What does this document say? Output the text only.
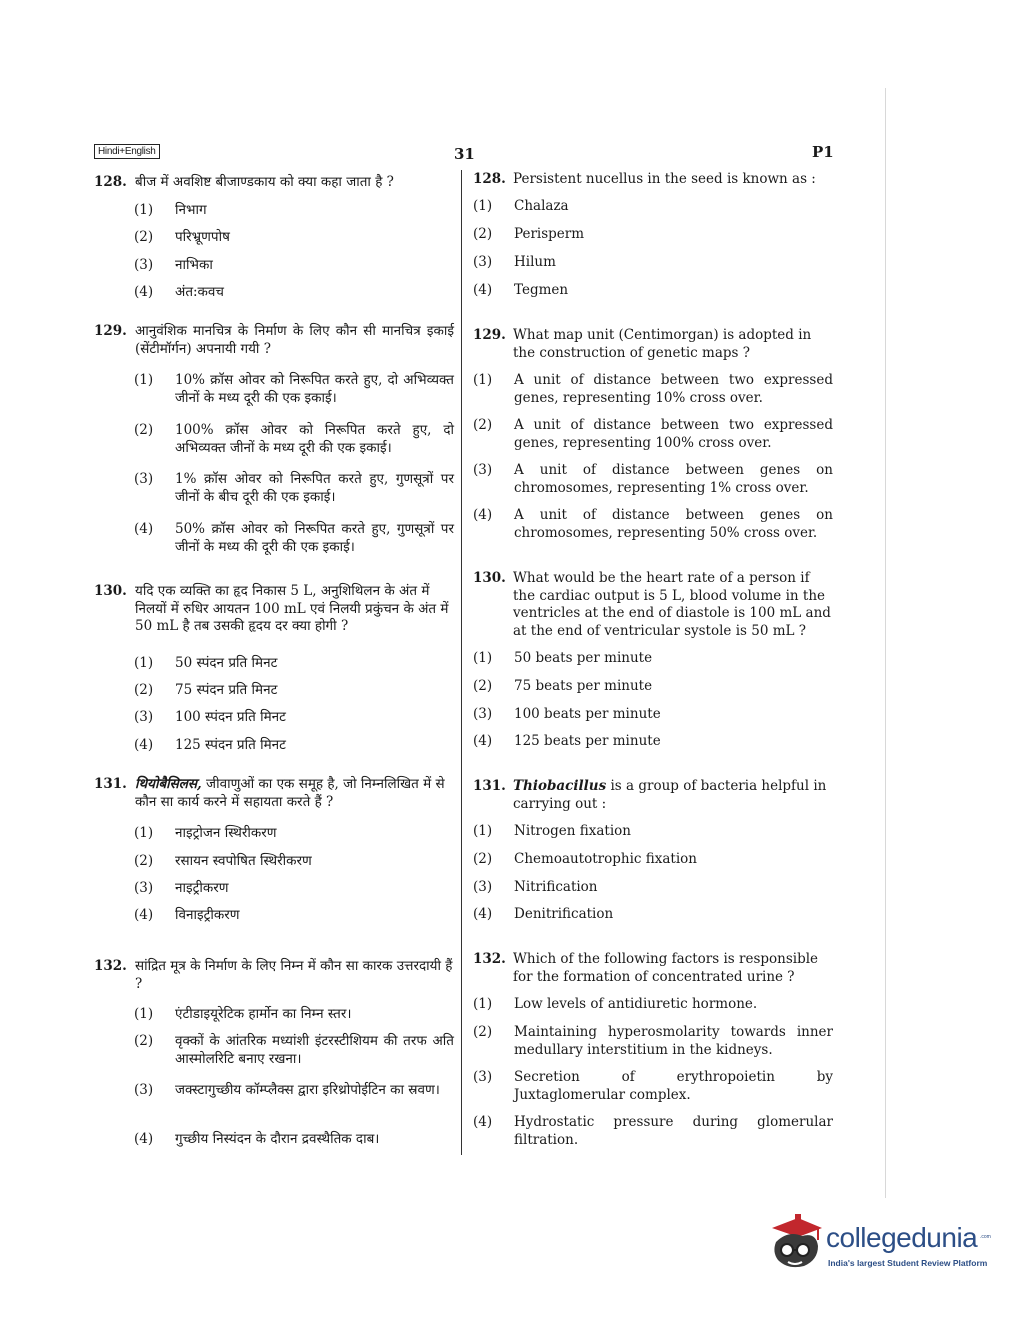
Hindi+English	31	P1
128. बीज में अवशिष्ट बीजाण्डकाय को क्या कहा जाता है ?
(1) निभाग
(2) परिभ्रूणपोष
(3) नाभिका
(4) अंत:कवच
128. Persistent nucellus in the seed is known as :
(1) Chalaza
(2) Perisperm
(3) Hilum
(4) Tegmen
129. आनुवंशिक मानचित्र के निर्माण के लिए कौन सी मानचित्र इकाई (सेंटीमॉर्गन) अपनायी गयी ?
(1) 10% क्रॉस ओवर को निरूपित करते हुए, दो अभिव्यक्त जीनों के मध्य दूरी की एक इकाई।
(2) 100% क्रॉस ओवर को निरूपित करते हुए, दो अभिव्यक्त जीनों के मध्य दूरी की एक इकाई।
(3) 1% क्रॉस ओवर को निरूपित करते हुए, गुणसूत्रों पर जीनों के बीच दूरी की एक इकाई।
(4) 50% क्रॉस ओवर को निरूपित करते हुए, गुणसूत्रों पर जीनों के मध्य की दूरी की एक इकाई।
129. What map unit (Centimorgan) is adopted in the construction of genetic maps ?
(1) A unit of distance between two expressed genes, representing 10% cross over.
(2) A unit of distance between two expressed genes, representing 100% cross over.
(3) A unit of distance between genes on chromosomes, representing 1% cross over.
(4) A unit of distance between genes on chromosomes, representing 50% cross over.
130. यदि एक व्यक्ति का हृद निकास 5 L, अनुशिथिलन के अंत में निलयों में रुधिर आयतन 100 mL एवं निलयी प्रकुंचन के अंत में 50 mL है तब उसकी हृदय दर क्या होगी ?
(1) 50 स्पंदन प्रति मिनट
(2) 75 स्पंदन प्रति मिनट
(3) 100 स्पंदन प्रति मिनट
(4) 125 स्पंदन प्रति मिनट
130. What would be the heart rate of a person if the cardiac output is 5 L, blood volume in the ventricles at the end of diastole is 100 mL and at the end of ventricular systole is 50 mL ?
(1) 50 beats per minute
(2) 75 beats per minute
(3) 100 beats per minute
(4) 125 beats per minute
131. थियोबैसिलस, जीवाणुओं का एक समूह है, जो निम्नलिखित में से कौन सा कार्य करने में सहायता करते हैं ?
(1) नाइट्रोजन स्थिरीकरण
(2) रसायन स्वपोषित स्थिरीकरण
(3) नाइट्रीकरण
(4) विनाइट्रीकरण
131. Thiobacillus is a group of bacteria helpful in carrying out :
(1) Nitrogen fixation
(2) Chemoautotrophic fixation
(3) Nitrification
(4) Denitrification
132. सांद्रित मूत्र के निर्माण के लिए निम्न में कौन सा कारक उत्तरदायी हैं ?
(1) एंटीडाइयूरेटिक हार्मोन का निम्न स्तर।
(2) वृक्कों के आंतरिक मध्यांशी इंटरस्टीशियम की तरफ अति आस्मोलरिटि बनाए रखना।
(3) जक्स्टागुच्छीय कॉम्प्लैक्स द्वारा इरिथ्रोपोईटिन का स्रवण।
(4) गुच्छीय निस्यंदन के दौरान द्रवस्थैतिक दाब।
132. Which of the following factors is responsible for the formation of concentrated urine ?
(1) Low levels of antidiuretic hormone.
(2) Maintaining hyperosmolarity towards inner medullary interstitium in the kidneys.
(3) Secretion of erythropoietin by Juxtaglomerular complex.
(4) Hydrostatic pressure during glomerular filtration.
collegedunia .com
India's largest Student Review Platform
